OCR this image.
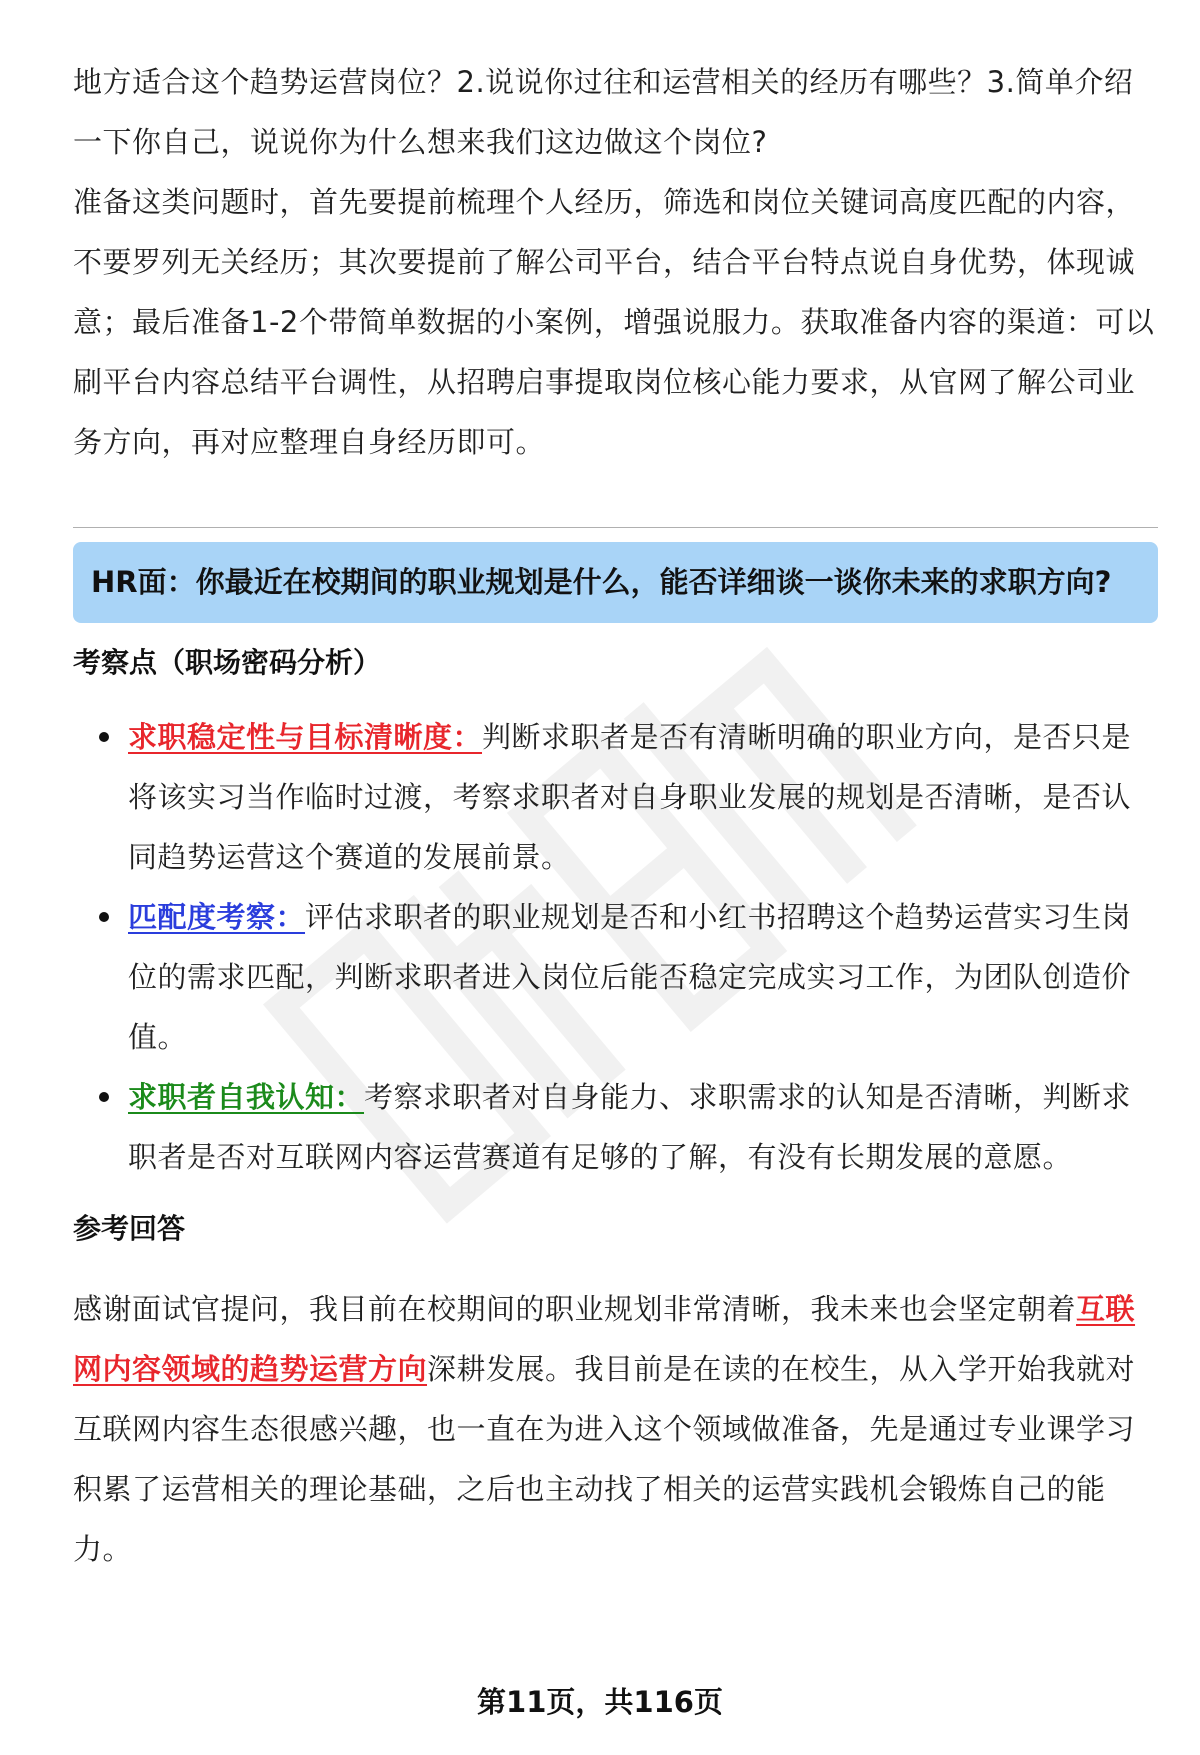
地方适合这个趋势运营岗位？2.说说你过往和运营相关的经历有哪些？3.简单介绍一下你自己，说说你为什么想来我们这边做这个岗位?

准备这类问题时，首先要提前梳理个人经历，筛选和岗位关键词高度匹配的内容，不要罗列无关经历；其次要提前了解公司平台，结合平台特点说自身优势，体现诚意；最后准备1-2个带简单数据的小案例，增强说服力。获取准备内容的渠道：可以刷平台内容总结平台调性，从招聘启事提取岗位核心能力要求，从官网了解公司业务方向，再对应整理自身经历即可。

HR面：你最近在校期间的职业规划是什么，能否详细谈一谈你未来的求职方向?
考察点（职场密码分析）
求职稳定性与目标清晰度：判断求职者是否有清晰明确的职业方向，是否只是将该实习当作临时过渡，考察求职者对自身职业发展的规划是否清晰，是否认同趋势运营这个赛道的发展前景。
匹配度考察：评估求职者的职业规划是否和小红书招聘这个趋势运营实习生岗位的需求匹配，判断求职者进入岗位后能否稳定完成实习工作，为团队创造价值。
求职者自我认知：考察求职者对自身能力、求职需求的认知是否清晰，判断求职者是否对互联网内容运营赛道有足够的了解，有没有长期发展的意愿。
参考回答

感谢面试官提问，我目前在校期间的职业规划非常清晰，我未来也会坚定朝着互联网内容领域的趋势运营方向深耕发展。我目前是在读的在校生，从入学开始我就对互联网内容生态很感兴趣，也一直在为进入这个领域做准备，先是通过专业课学习积累了运营相关的理论基础，之后也主动找了相关的运营实践机会锻炼自己的能力。

第11页，共116页
